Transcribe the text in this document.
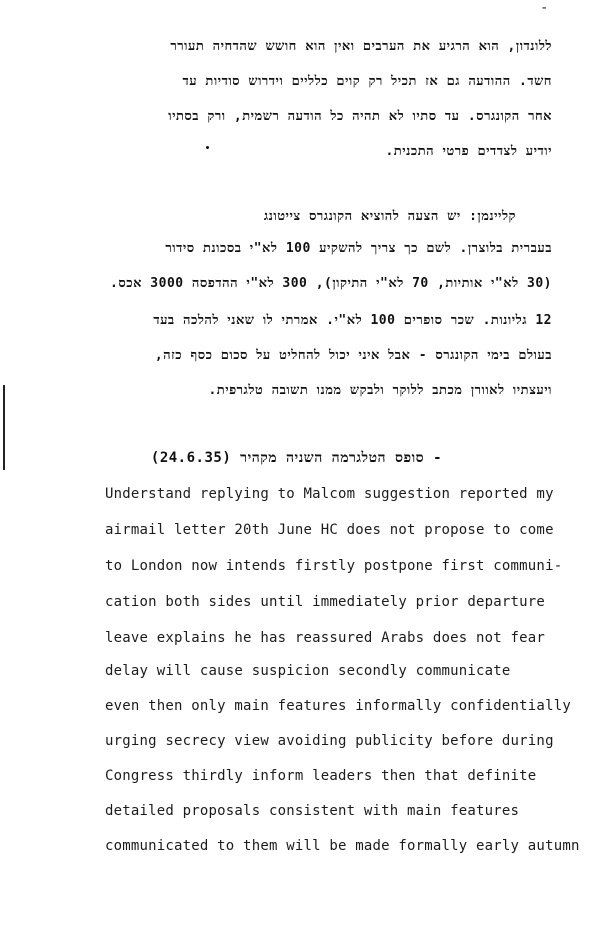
-
ללונדון, הוא הרגיע את הערבים ואין הוא חושש שהדחיה תעורר
חשד. ההודעה גם אז תכיל רק קוים כלליים וידרוש סודיות עד
אחר הקונגרס. עד סתיו לא תהיה כל הודעה רשמית, ורק בסתיו
יודיע לצדדים פרטי התכנית.
קליינמן: יש הצעה להוציא הקונגרס צייטונג
בעברית בלוצרן. לשם כך צריך להשקיע 100 לא"י בסכונת סידור
(30 לא"י אותיות, 70 לא"י התיקון), 300 לא"י ההדפסה 3000 אכס.
12 גליונות. שכר סופרים 100 לא"י. אמרתי לו שאני להלכה בעד
בעולם בימי הקונגרס - אבל איני יכול להחליט על סכום כסף כזה,
ויעצתיו לאוורן מכתב ללוקר ולבקש ממנו תשובה טלגרפית.
- סופס הטלגרמה השניה מקהיר (24.6.35)
Understand replying to Malcom suggestion reported my
airmail letter 20th June HC does not propose to come
to London now intends firstly postpone first communi-
cation both sides until immediately prior departure
leave explains he has reassured Arabs does not fear
delay will cause suspicion secondly communicate
even then only main features informally confidentially
urging secrecy view avoiding publicity before during
Congress thirdly inform leaders then that definite
detailed proposals consistent with main features
communicated to them will be made formally early autumn
